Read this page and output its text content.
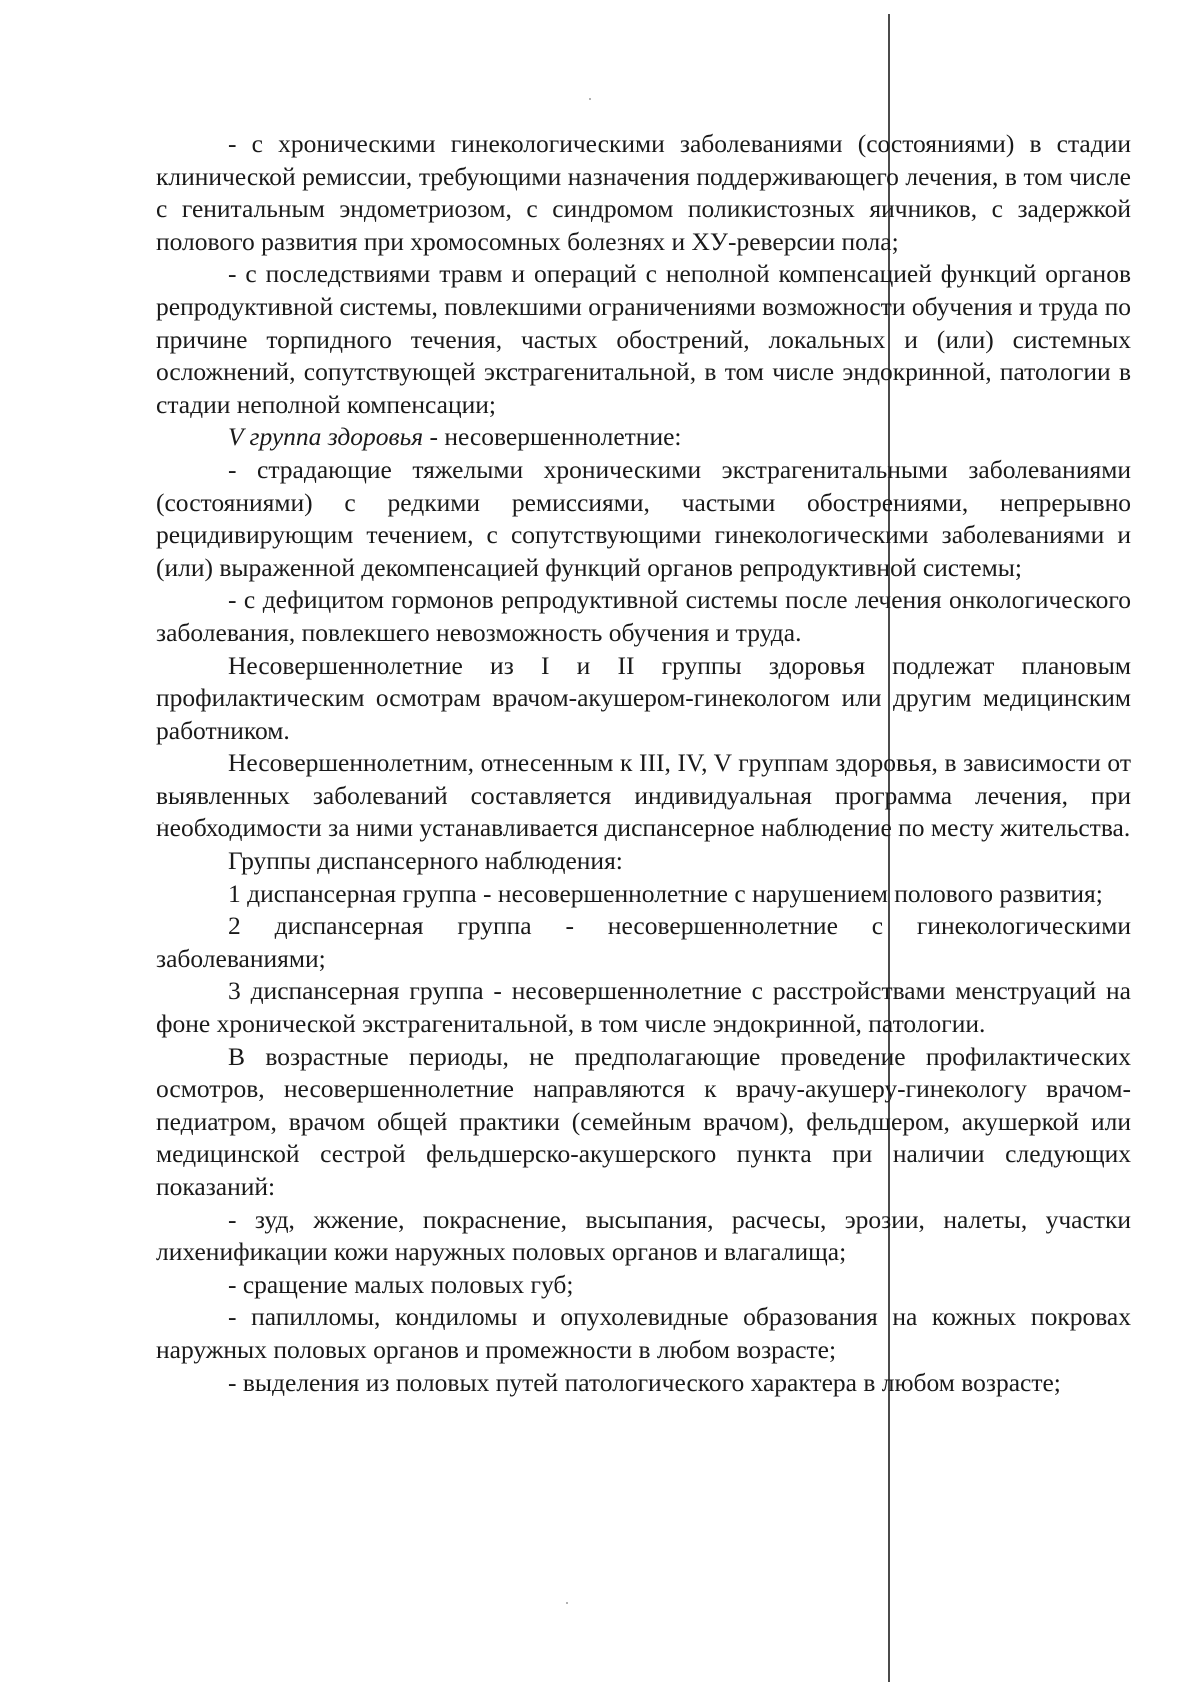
- с хроническими гинекологическими заболеваниями (состояниями) в стадии клинической ремиссии, требующими назначения поддерживающего лечения, в том числе с генитальным эндометриозом, с синдромом поликистозных яичников, с задержкой полового развития при хромосомных болезнях и ХУ-реверсии пола;

- с последствиями травм и операций с неполной компенсацией функций органов репродуктивной системы, повлекшими ограничениями возможности обучения и труда по причине торпидного течения, частых обострений, локальных и (или) системных осложнений, сопутствующей экстрагенитальной, в том числе эндокринной, патологии в стадии неполной компенсации;

V группа здоровья - несовершеннолетние:

- страдающие тяжелыми хроническими экстрагенитальными заболеваниями (состояниями) с редкими ремиссиями, частыми обострениями, непрерывно рецидивирующим течением, с сопутствующими гинекологическими заболеваниями и (или) выраженной декомпенсацией функций органов репродуктивной системы;

- с дефицитом гормонов репродуктивной системы после лечения онкологического заболевания, повлекшего невозможность обучения и труда.

Несовершеннолетние из I и II группы здоровья подлежат плановым профилактическим осмотрам врачом-акушером-гинекологом или другим медицинским работником.

Несовершеннолетним, отнесенным к III, IV, V группам здоровья, в зависимости от выявленных заболеваний составляется индивидуальная программа лечения, при необходимости за ними устанавливается диспансерное наблюдение по месту жительства.

Группы диспансерного наблюдения:

1 диспансерная группа - несовершеннолетние с нарушением полового развития;

2 диспансерная группа - несовершеннолетние с гинекологическими заболеваниями;

3 диспансерная группа - несовершеннолетние с расстройствами менструаций на фоне хронической экстрагенитальной, в том числе эндокринной, патологии.

В возрастные периоды, не предполагающие проведение профилактических осмотров, несовершеннолетние направляются к врачу-акушеру-гинекологу врачом-педиатром, врачом общей практики (семейным врачом), фельдшером, акушеркой или медицинской сестрой фельдшерско-акушерского пункта при наличии следующих показаний:

- зуд, жжение, покраснение, высыпания, расчесы, эрозии, налеты, участки лихенификации кожи наружных половых органов и влагалища;

- сращение малых половых губ;

- папилломы, кондиломы и опухолевидные образования на кожных покровах наружных половых органов и промежности в любом возрасте;

- выделения из половых путей патологического характера в любом возрасте;
